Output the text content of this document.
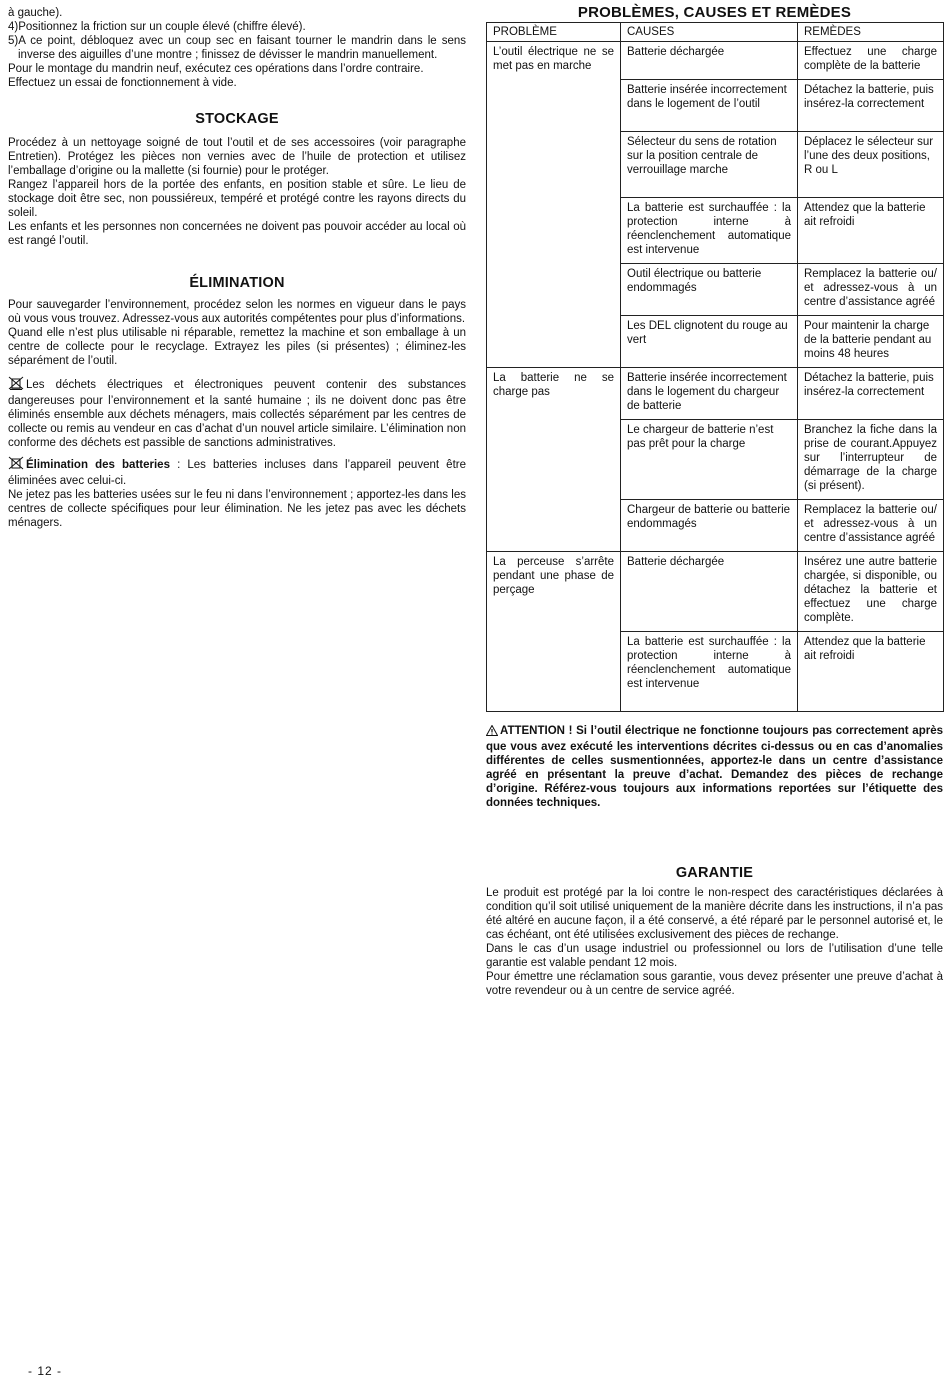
à gauche).

4)Positionnez la friction sur un couple élevé (chiffre élevé).

5)A ce point, débloquez avec un coup sec en faisant tourner le mandrin dans le sens inverse des aiguilles d’une montre ; finissez de dévisser le mandrin manuellement.

Pour le montage du mandrin neuf, exécutez ces opérations dans l’ordre contraire.

Effectuez un essai de fonctionnement à vide.

STOCKAGE

Procédez à un nettoyage soigné de tout l’outil et de ses accessoires (voir paragraphe Entretien). Protégez les pièces non vernies avec de l’huile de protection et utilisez l’emballage d’origine ou la mallette (si fournie) pour le protéger.

Rangez l’appareil hors de la portée des enfants, en position stable et sûre. Le lieu de stockage doit être sec, non poussiéreux, tempéré et protégé contre les rayons directs du soleil.

Les enfants et les personnes non concernées ne doivent pas pouvoir accéder au local où est rangé l’outil.

ÉLIMINATION

Pour sauvegarder l’environnement, procédez selon les normes en vigueur dans le pays où vous vous trouvez. Adressez-vous aux autorités compétentes pour plus d’informations.

Quand elle n’est plus utilisable ni réparable, remettez la machine et son emballage à un centre de collecte pour le recyclage. Extrayez les piles (si présentes) ; éliminez-les séparément de l’outil.

Les déchets électriques et électroniques peuvent contenir des substances dangereuses pour l’environnement et la santé humaine ; ils ne doivent donc pas être éliminés ensemble aux déchets ménagers, mais collectés séparément par les centres de collecte ou remis au vendeur en cas d’achat d’un nouvel article similaire. L’élimination non conforme des déchets est passible de sanctions administratives.

Élimination des batteries : Les batteries incluses dans l’appareil peuvent être éliminées avec celui-ci.

Ne jetez pas les batteries usées sur le feu ni dans l’environnement ; apportez-les dans les centres de collecte spécifiques pour leur élimination. Ne les jetez pas avec les déchets ménagers.

PROBLÈMES, CAUSES ET REMÈDES
PROBLÈME	CAUSES	REMÈDES
L’outil électrique ne se met pas en marche	Batterie déchargée	Effectuez une charge complète de la batterie
	Batterie insérée incorrectement dans le logement de l’outil	Détachez la batterie, puis insérez-la correctement
	Sélecteur du sens de rotation sur la position centrale de verrouillage marche	Déplacez le sélecteur sur l’une des deux positions, R ou L
	La batterie est surchauffée : la protection interne à réenclenchement automatique est intervenue	Attendez que la batterie ait refroidi
	Outil électrique ou batterie endommagés	Remplacez la batterie ou/ et adressez-vous à un centre d’assistance agréé
	Les DEL clignotent du rouge au vert	Pour maintenir la charge de la batterie pendant au moins 48 heures
La batterie ne se charge pas	Batterie insérée incorrectement dans le logement du chargeur de batterie	Détachez la batterie, puis insérez-la correctement
	Le chargeur de batterie n’est pas prêt pour la charge	Branchez la fiche dans la prise de courant.Appuyez sur l’interrupteur de démarrage de la charge (si présent).
	Chargeur de batterie ou batterie endommagés	Remplacez la batterie ou/ et adressez-vous à un centre d’assistance agréé
La perceuse s’arrête pendant une phase de perçage	Batterie déchargée	Insérez une autre batterie chargée, si disponible, ou détachez la batterie et effectuez une charge complète.
	La batterie est surchauffée : la protection interne à réenclenchement automatique est intervenue	Attendez que la batterie ait refroidi

ATTENTION ! Si l’outil électrique ne fonctionne toujours pas correctement après que vous avez exécuté les interventions décrites ci-dessus ou en cas d’anomalies différentes de celles susmentionnées, apportez-le dans un centre d’assistance agréé en présentant la preuve d’achat. Demandez des pièces de rechange d’origine. Référez-vous toujours aux informations reportées sur l’étiquette des données techniques.

GARANTIE

Le produit est protégé par la loi contre le non-respect des caractéristiques déclarées à condition qu’il soit utilisé uniquement de la manière décrite dans les instructions, il n’a pas été altéré en aucune façon, il a été conservé, a été réparé par le personnel autorisé et, le cas échéant, ont été utilisées exclusivement des pièces de rechange.

Dans le cas d’un usage industriel ou professionnel ou lors de l’utilisation d’une telle garantie est valable pendant 12 mois.

Pour émettre une réclamation sous garantie, vous devez présenter une preuve d’achat à votre revendeur ou à un centre de service agréé.

- 12 -
